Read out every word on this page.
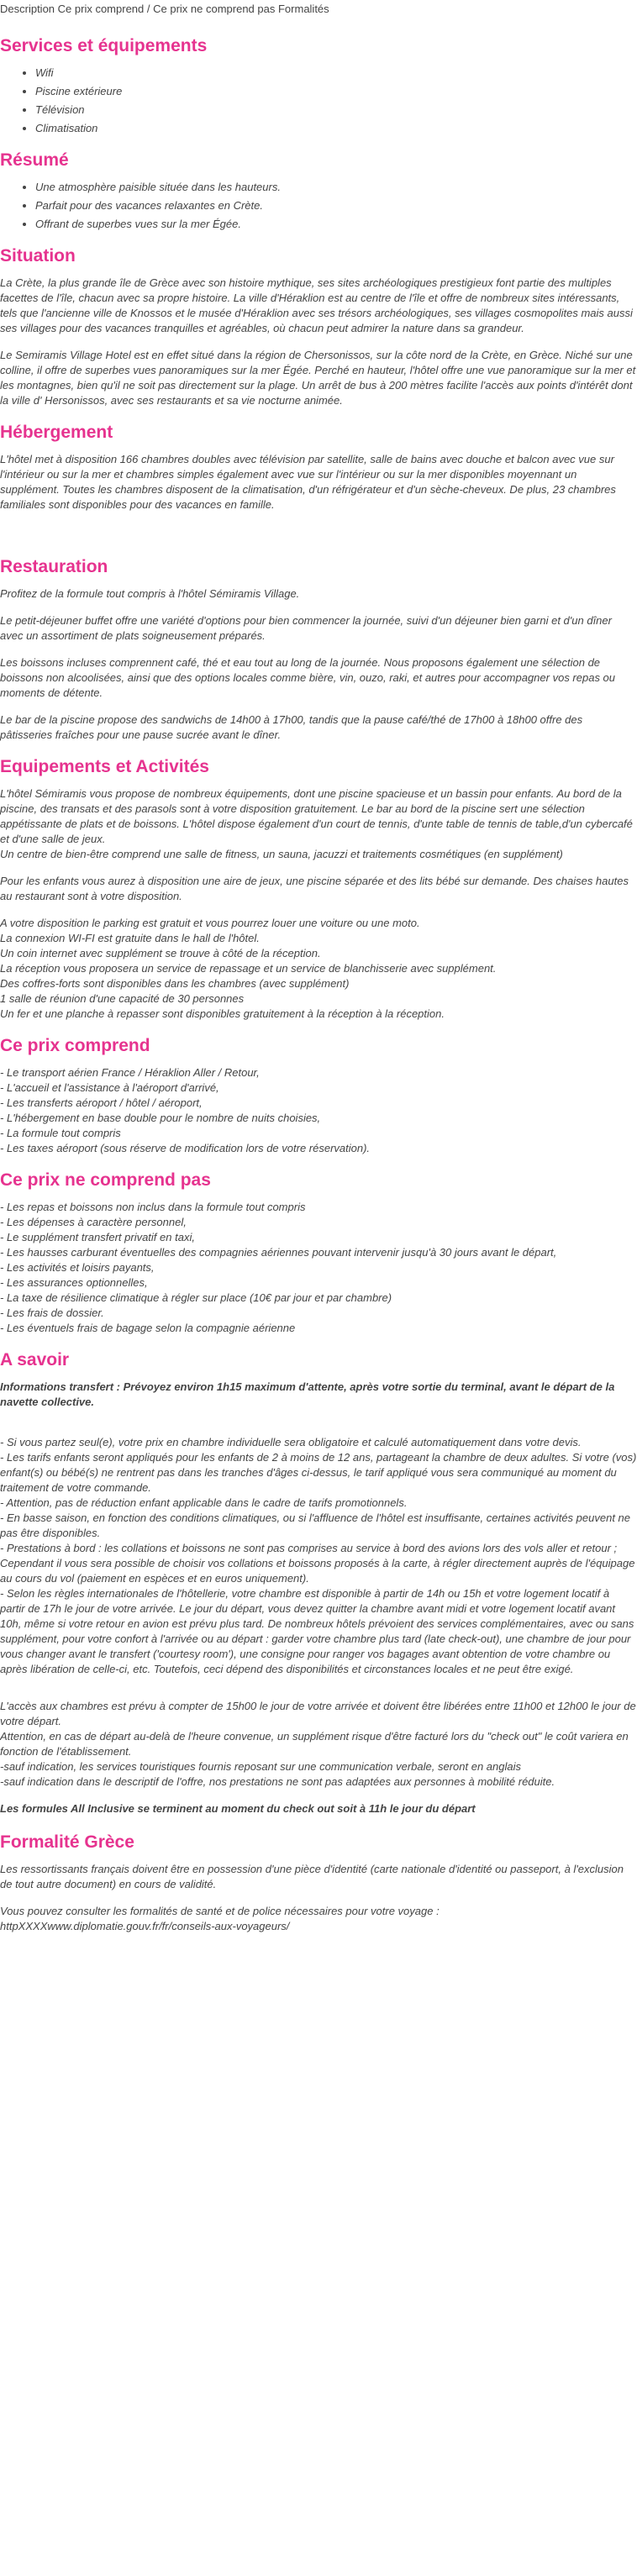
Description Ce prix comprend / Ce prix ne comprend pas Formalités
Services et équipements
• Wifi
• Piscine extérieure
• Télévision
• Climatisation
Résumé
• Une atmosphère paisible située dans les hauteurs.
• Parfait pour des vacances relaxantes en Crète.
• Offrant de superbes vues sur la mer Égée.
Situation

La Crète, la plus grande île de Grèce avec son histoire mythique, ses sites archéologiques prestigieux font partie des multiples facettes de l'île, chacun avec sa propre histoire. La ville d'Héraklion est au centre de l'île et offre de nombreux sites intéressants, tels que l'ancienne ville de Knossos et le musée d'Héraklion avec ses trésors archéologiques, ses villages cosmopolites mais aussi ses villages pour des vacances tranquilles et agréables, où chacun peut admirer la nature dans sa grandeur.

Le Semiramis Village Hotel est en effet situé dans la région de Chersonissos, sur la côte nord de la Crète, en Grèce. Niché sur une colline, il offre de superbes vues panoramiques sur la mer Égée. Perché en hauteur, l'hôtel offre une vue panoramique sur la mer et les montagnes, bien qu'il ne soit pas directement sur la plage. Un arrêt de bus à 200 mètres facilite l'accès aux points d'intérêt dont la ville d' Hersonissos, avec ses restaurants et sa vie nocturne animée.

Hébergement

L'hôtel met à disposition 166 chambres doubles avec télévision par satellite, salle de bains avec douche et balcon avec vue sur l'intérieur ou sur la mer et chambres simples également avec vue sur l'intérieur ou sur la mer disponibles moyennant un supplément. Toutes les chambres disposent de la climatisation, d'un réfrigérateur et d'un sèche-cheveux. De plus, 23 chambres familiales sont disponibles pour des vacances en famille.

Restauration

Profitez de la formule tout compris à l'hôtel Sémiramis Village.

Le petit-déjeuner buffet offre une variété d'options pour bien commencer la journée, suivi d'un déjeuner bien garni et d'un dîner avec un assortiment de plats soigneusement préparés.

Les boissons incluses comprennent café, thé et eau tout au long de la journée. Nous proposons également une sélection de boissons non alcoolisées, ainsi que des options locales comme bière, vin, ouzo, raki, et autres pour accompagner vos repas ou moments de détente.

Le bar de la piscine propose des sandwichs de 14h00 à 17h00, tandis que la pause café/thé de 17h00 à 18h00 offre des pâtisseries fraîches pour une pause sucrée avant le dîner.

Equipements et Activités

L'hôtel Sémiramis vous propose de nombreux équipements, dont une piscine spacieuse et un bassin pour enfants. Au bord de la piscine, des transats et des parasols sont à votre disposition gratuitement. Le bar au bord de la piscine sert une sélection appétissante de plats et de boissons. L'hôtel dispose également d'un court de tennis, d'unte table de tennis de table,d'un cybercafé et d'une salle de jeux.
Un centre de bien-être comprend une salle de fitness, un sauna, jacuzzi et traitements cosmétiques (en supplément)

Pour les enfants vous aurez à disposition une aire de jeux, une piscine séparée et des lits bébé sur demande. Des chaises hautes au restaurant sont à votre disposition.

A votre disposition le parking est gratuit et vous pourrez louer une voiture ou une moto.
La connexion WI-FI est gratuite dans le hall de l'hôtel.
Un coin internet avec supplément se trouve à côté de la réception.
La réception vous proposera un service de repassage et un service de blanchisserie avec supplément.
Des coffres-forts sont disponibles dans les chambres (avec supplément)
1 salle de réunion d'une capacité de 30 personnes
Un fer et une planche à repasser sont disponibles gratuitement à la réception à la réception.
Ce prix comprend
- Le transport aérien France / Héraklion Aller / Retour,
- L'accueil et l'assistance à l'aéroport d'arrivé,
- Les transferts aéroport / hôtel / aéroport,
- L'hébergement en base double pour le nombre de nuits choisies,
- La formule tout compris
- Les taxes aéroport (sous réserve de modification lors de votre réservation).
Ce prix ne comprend pas
- Les repas et boissons non inclus dans la formule tout compris
- Les dépenses à caractère personnel,
- Le supplément transfert privatif en taxi,
- Les hausses carburant éventuelles des compagnies aériennes pouvant intervenir jusqu'à 30 jours avant le départ,
- Les activités et loisirs payants,
- Les assurances optionnelles,
- La taxe de résilience climatique à régler sur place (10€ par jour et par chambre)
- Les frais de dossier.
- Les éventuels frais de bagage selon la compagnie aérienne
A savoir

Informations transfert : Prévoyez environ 1h15 maximum d'attente, après votre sortie du terminal, avant le départ de la navette collective.

- Si vous partez seul(e), votre prix en chambre individuelle sera obligatoire et calculé automatiquement dans votre devis.
- Les tarifs enfants seront appliqués pour les enfants de 2 à moins de 12 ans, partageant la chambre de deux adultes. Si votre (vos) enfant(s) ou bébé(s) ne rentrent pas dans les tranches d'âges ci-dessus, le tarif appliqué vous sera communiqué au moment du traitement de votre commande.
- Attention, pas de réduction enfant applicable dans le cadre de tarifs promotionnels.
- En basse saison, en fonction des conditions climatiques, ou si l'affluence de l'hôtel est insuffisante, certaines activités peuvent ne pas être disponibles.
- Prestations à bord : les collations et boissons ne sont pas comprises au service à bord des avions lors des vols aller et retour ; Cependant il vous sera possible de choisir vos collations et boissons proposés à la carte, à régler directement auprès de l'équipage au cours du vol (paiement en espèces et en euros uniquement).
- Selon les règles internationales de l'hôtellerie, votre chambre est disponible à partir de 14h ou 15h et votre logement locatif à partir de 17h le jour de votre arrivée. Le jour du départ, vous devez quitter la chambre avant midi et votre logement locatif avant 10h, même si votre retour en avion est prévu plus tard. De nombreux hôtels prévoient des services complémentaires, avec ou sans supplément, pour votre confort à l'arrivée ou au départ : garder votre chambre plus tard (late check-out), une chambre de jour pour vous changer avant le transfert ('courtesy room'), une consigne pour ranger vos bagages avant obtention de votre chambre ou après libération de celle-ci, etc. Toutefois, ceci dépend des disponibilités et circonstances locales et ne peut être exigé.
L'accès aux chambres est prévu à compter de 15h00 le jour de votre arrivée et doivent être libérées entre 11h00 et 12h00 le jour de votre départ.
Attention, en cas de départ au-delà de l'heure convenue, un supplément risque d'être facturé lors du "check out" le coût variera en fonction de l'établissement.
-sauf indication, les services touristiques fournis reposant sur une communication verbale, seront en anglais
-sauf indication dans le descriptif de l'offre, nos prestations ne sont pas adaptées aux personnes à mobilité réduite.

Les formules All Inclusive se terminent au moment du check out soit à 11h le jour du départ

Formalité Grèce

Les ressortissants français doivent être en possession d'une pièce d'identité (carte nationale d'identité ou passeport, à l'exclusion de tout autre document) en cours de validité.

Vous pouvez consulter les formalités de santé et de police nécessaires pour votre voyage :
httpXXXXwww.diplomatie.gouv.fr/fr/conseils-aux-voyageurs/
